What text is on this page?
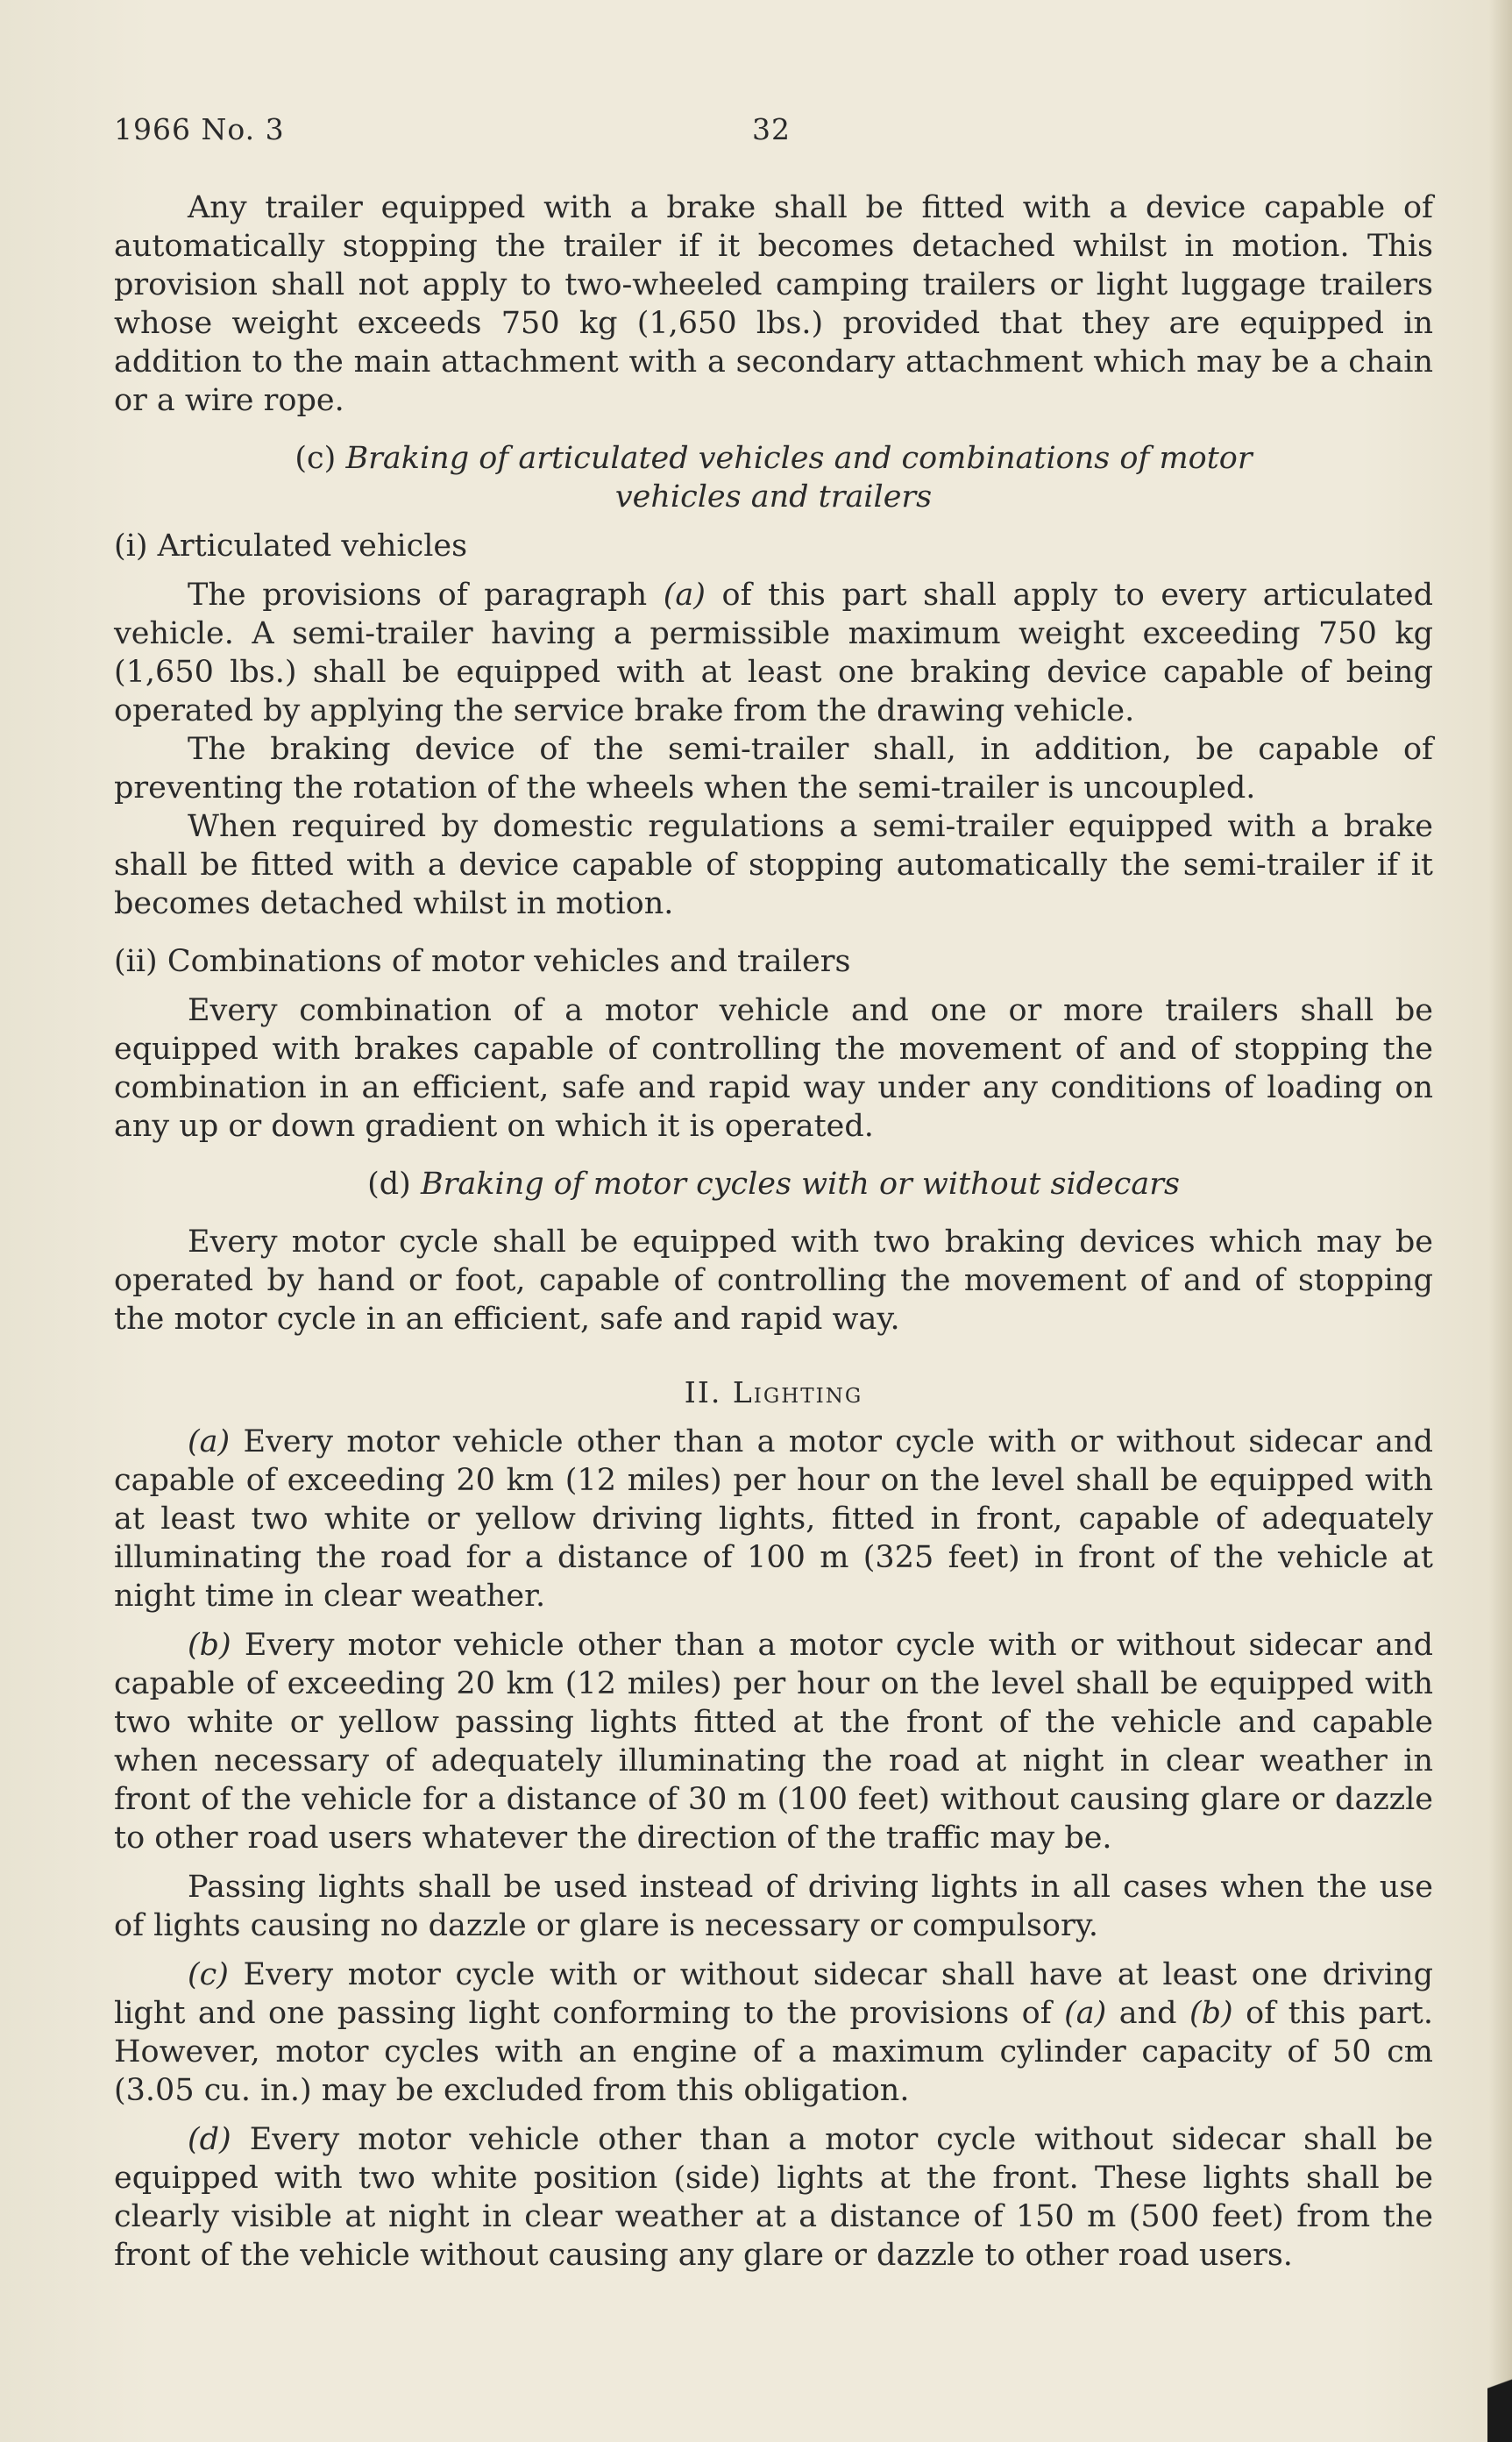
1966 No. 3	32

Any trailer equipped with a brake shall be fitted with a device capable of automatically stopping the trailer if it becomes detached whilst in motion. This provision shall not apply to two-wheeled camping trailers or light luggage trailers whose weight exceeds 750 kg (1,650 lbs.) provided that they are equipped in addition to the main attachment with a secondary attachment which may be a chain or a wire rope.

(c) Braking of articulated vehicles and combinations of motor
vehicles and trailers

(i) Articulated vehicles

The provisions of paragraph (a) of this part shall apply to every articulated vehicle. A semi-trailer having a permissible maximum weight exceeding 750 kg (1,650 lbs.) shall be equipped with at least one braking device capable of being operated by applying the service brake from the drawing vehicle.

The braking device of the semi-trailer shall, in addition, be capable of preventing the rotation of the wheels when the semi-trailer is uncoupled.

When required by domestic regulations a semi-trailer equipped with a brake shall be fitted with a device capable of stopping automatically the semi-trailer if it becomes detached whilst in motion.

(ii) Combinations of motor vehicles and trailers

Every combination of a motor vehicle and one or more trailers shall be equipped with brakes capable of controlling the movement of and of stopping the combination in an efficient, safe and rapid way under any conditions of loading on any up or down gradient on which it is operated.

(d) Braking of motor cycles with or without sidecars

Every motor cycle shall be equipped with two braking devices which may be operated by hand or foot, capable of controlling the movement of and of stopping the motor cycle in an efficient, safe and rapid way.

II. Lighting

(a) Every motor vehicle other than a motor cycle with or without sidecar and capable of exceeding 20 km (12 miles) per hour on the level shall be equipped with at least two white or yellow driving lights, fitted in front, capable of adequately illuminating the road for a distance of 100 m (325 feet) in front of the vehicle at night time in clear weather.

(b) Every motor vehicle other than a motor cycle with or without sidecar and capable of exceeding 20 km (12 miles) per hour on the level shall be equipped with two white or yellow passing lights fitted at the front of the vehicle and capable when necessary of adequately illuminating the road at night in clear weather in front of the vehicle for a distance of 30 m (100 feet) without causing glare or dazzle to other road users whatever the direction of the traffic may be.

Passing lights shall be used instead of driving lights in all cases when the use of lights causing no dazzle or glare is necessary or compulsory.

(c) Every motor cycle with or without sidecar shall have at least one driving light and one passing light conforming to the provisions of (a) and (b) of this part. However, motor cycles with an engine of a maximum cylinder capacity of 50 cm (3.05 cu. in.) may be excluded from this obligation.

(d) Every motor vehicle other than a motor cycle without sidecar shall be equipped with two white position (side) lights at the front. These lights shall be clearly visible at night in clear weather at a distance of 150 m (500 feet) from the front of the vehicle without causing any glare or dazzle to other road users.
